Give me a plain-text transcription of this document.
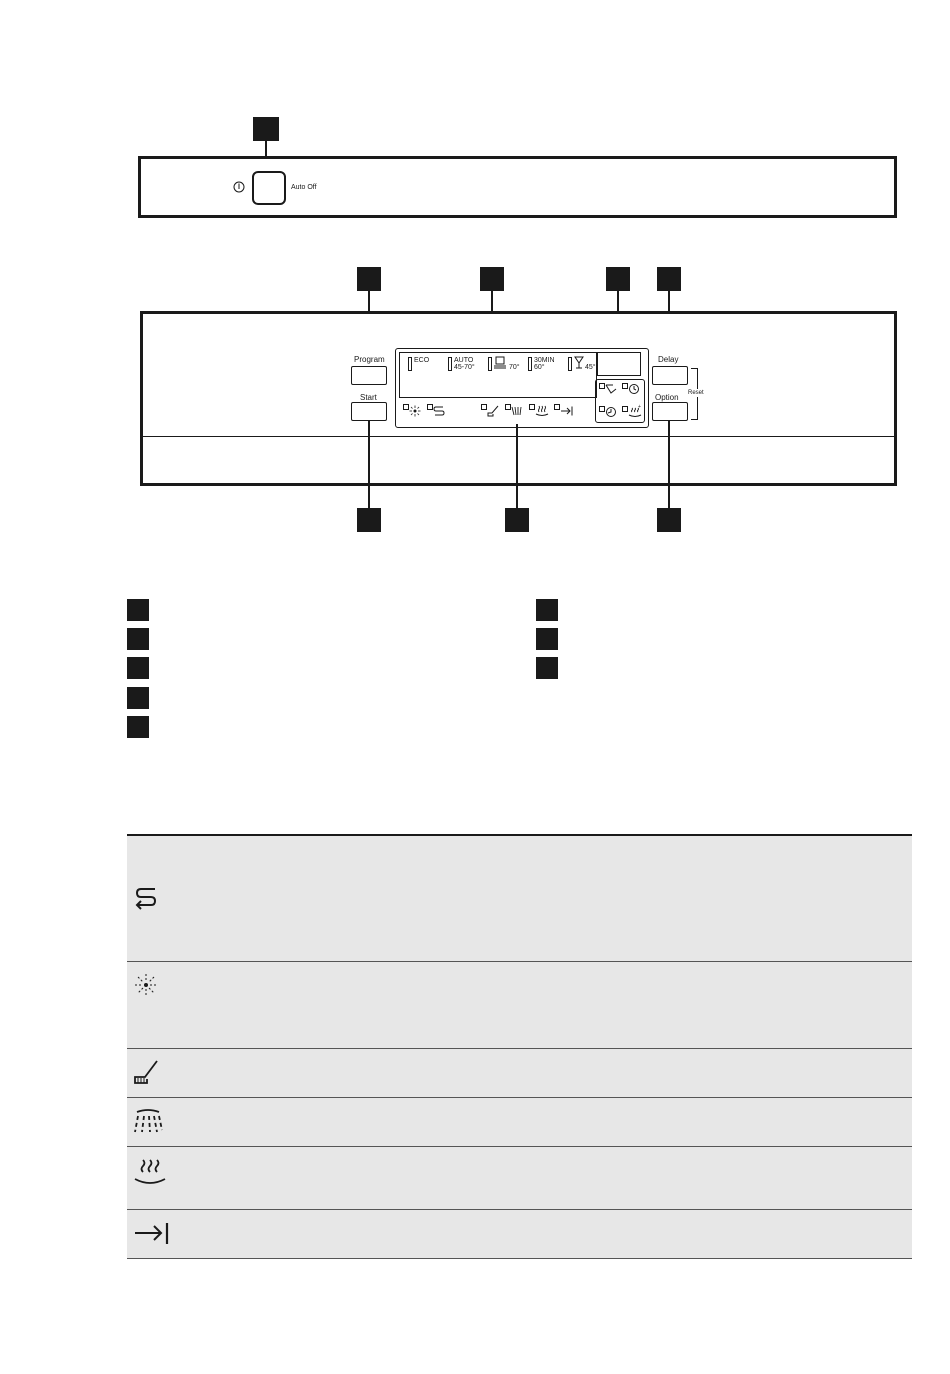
Auto Off
Program
Start
ECO	AUTO
45-70°	70°
30MIN
60°	45°
+
Delay
Option Reset
